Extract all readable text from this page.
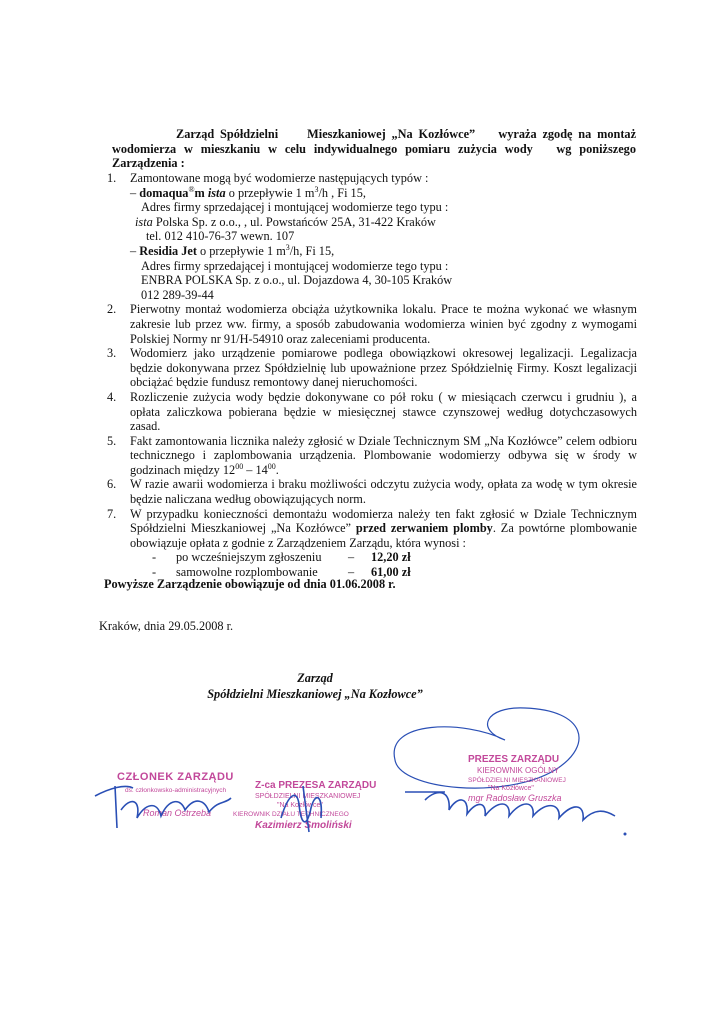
Zarząd Spółdzielni Mieszkaniowej „Na Kozłówce” wyraża zgodę na montaż wodomierza w mieszkaniu w celu indywidualnego pomiaru zużycia wody wg poniższego Zarządzenia :
1. Zamontowane mogą być wodomierze następujących typów :
– domaqua®m ista o przepływie 1 $m^3/h$ , Fi 15,
Adres firmy sprzedającej i montującej wodomierze tego typu :
ista Polska Sp. z o.o., , ul. Powstańców 25A, 31-422 Kraków
tel. 012 410-76-37 wewn. 107
– Residia Jet o przepływie 1 $m^3/h$, Fi 15,
Adres firmy sprzedającej i montującej wodomierze tego typu :
ENBRA POLSKA Sp. z o.o., ul. Dojazdowa 4, 30-105 Kraków
012 289-39-44
2. Pierwotny montaż wodomierza obciąża użytkownika lokalu. Prace te można wykonać we własnym zakresie lub przez ww. firmy, a sposób zabudowania wodomierza winien być zgodny z wymogami Polskiej Normy nr 91/H-54910 oraz zaleceniami producenta.
3. Wodomierz jako urządzenie pomiarowe podlega obowiązkowi okresowej legalizacji. Legalizacja będzie dokonywana przez Spółdzielnię lub upoważnione przez Spółdzielnię Firmy. Koszt legalizacji obciążać będzie fundusz remontowy danej nieruchomości.
4. Rozliczenie zużycia wody będzie dokonywane co pół roku ( w miesiącach czerwcu i grudniu ), a opłata zaliczkowa pobierana będzie w miesięcznej stawce czynszowej według dotychczasowych zasad.
5. Fakt zamontowania licznika należy zgłosić w Dziale Technicznym SM „Na Kozłówce” celem odbioru technicznego i zaplombowania urządzenia. Plombowanie wodomierzy odbywa się w środy w godzinach między $12^{00} - 14^{00}$.
6. W razie awarii wodomierza i braku możliwości odczytu zużycia wody, opłata za wodę w tym okresie będzie naliczana według obowiązujących norm.
7. W przypadku konieczności demontażu wodomierza należy ten fakt zgłosić w Dziale Technicznym Spółdzielni Mieszkaniowej „Na Kozłówce” przed zerwaniem plomby. Za powtórne plombowanie obowiązuje opłata z godnie z Zarządzeniem Zarządu, która wynosi :
-	po wcześniejszym zgłoszeniu	–	12,20 zł
-	samowolne rozplombowanie	–	61,00 zł
Powyższe Zarządzenie obowiązuje od dnia 01.06.2008 r.
Kraków, dnia 29.05.2008 r.
Zarząd
Spółdzielni Mieszkaniowej „Na Kozłowce”
CZŁONEK ZARZĄDU
ds. członkowsko-administracyjnych
Roman Ostrzeba
Z-ca PREZESA ZARZĄDU
SPÓŁDZIELNI MIESZKANIOWEJ
"Na Kozłówce"
KIEROWNIK DZIAŁU TECHNICZNEGO
Kazimierz Smoliński
PREZES ZARZĄDU
KIEROWNIK OGÓLNY
SPÓŁDZIELNI MIESZKANIOWEJ
"Na Kozłówce"
mgr Radosław Gruszka
